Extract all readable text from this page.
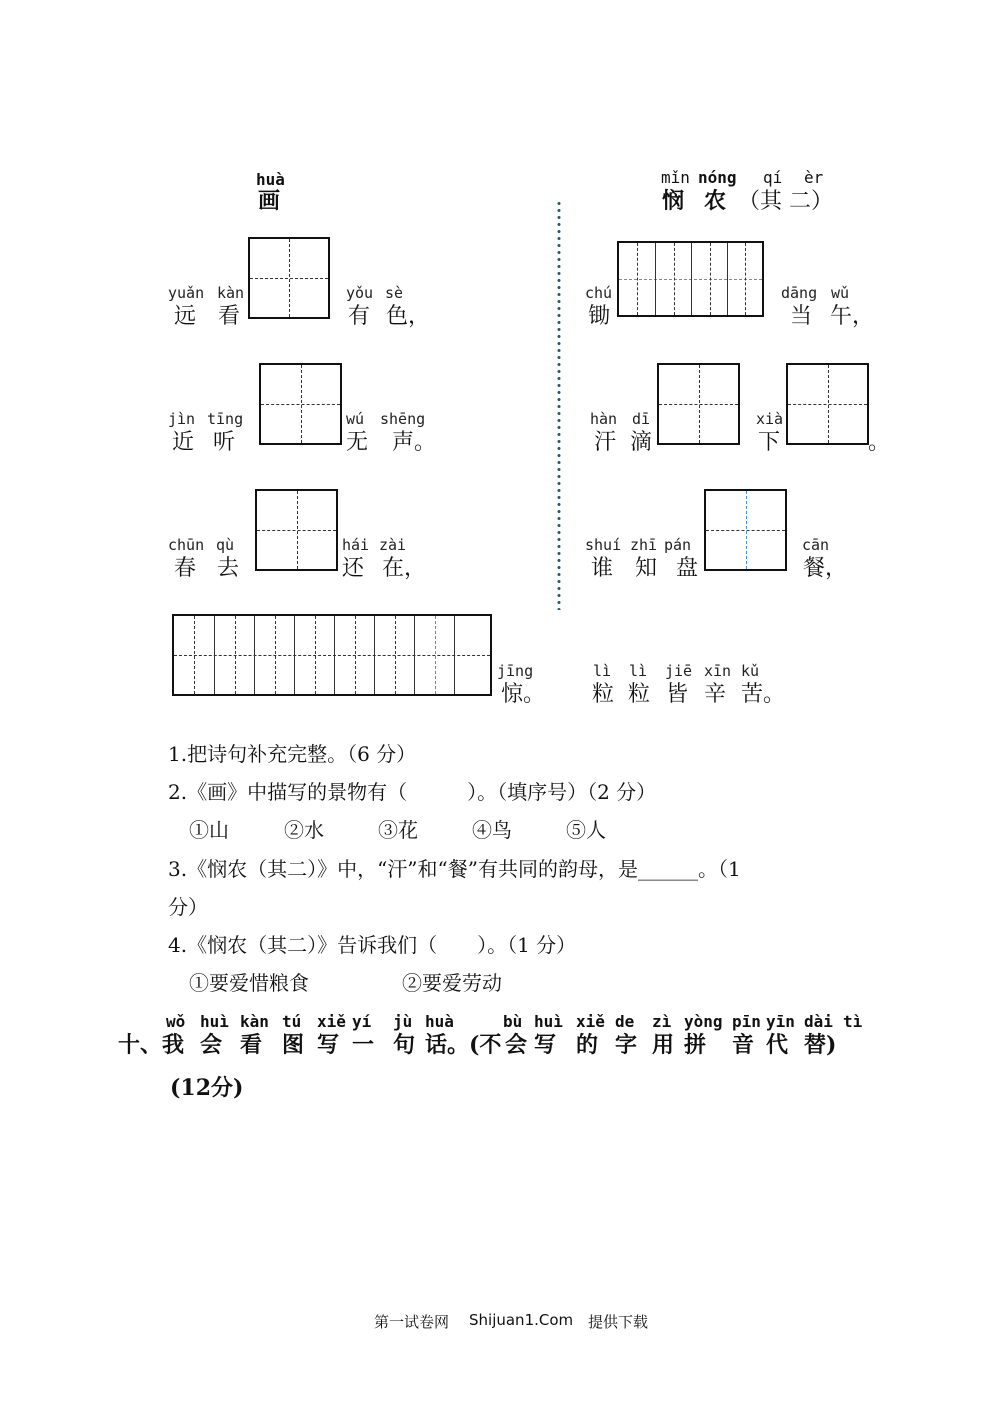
huà
画
yuǎn kàn
远 看
yǒu sè
有 色，
jìn tīng
近 听
wú shēng
无 声。
chūn qù
春 去
hái zài
还 在，
jīng
惊。
mǐn nóng qí èr
悯 农 （其 二）
chú
锄
dāng wǔ
当 午，
hàn dī
汗 滴
xià
下	。
shuí zhī pán
谁 知 盘
cān
餐，
lì lì jiē xīn kǔ
粒 粒 皆 辛 苦。
1.把诗句补充完整。（6 分）
2.《画》中描写的景物有（　　　）。（填序号）（2 分）
①山	②水	③花	④鸟	⑤人
3.《悯农（其二）》中，“汗”和“餐”有共同的韵母，是______。（1
分）
4.《悯农（其二）》告诉我们（　　）。（1 分）
①要爱惜粮食	②要爱劳动
wǒ huì kàn tú xiě yí jù huà	bù huì xiě de zì yòng pīn yīn dài tì
十、我 会 看 图 写 一 句 话。(不 会 写 的 字 用 拼 音 代 替)
(12分)
第一试卷网 Shijuan1.Com 提供下载
